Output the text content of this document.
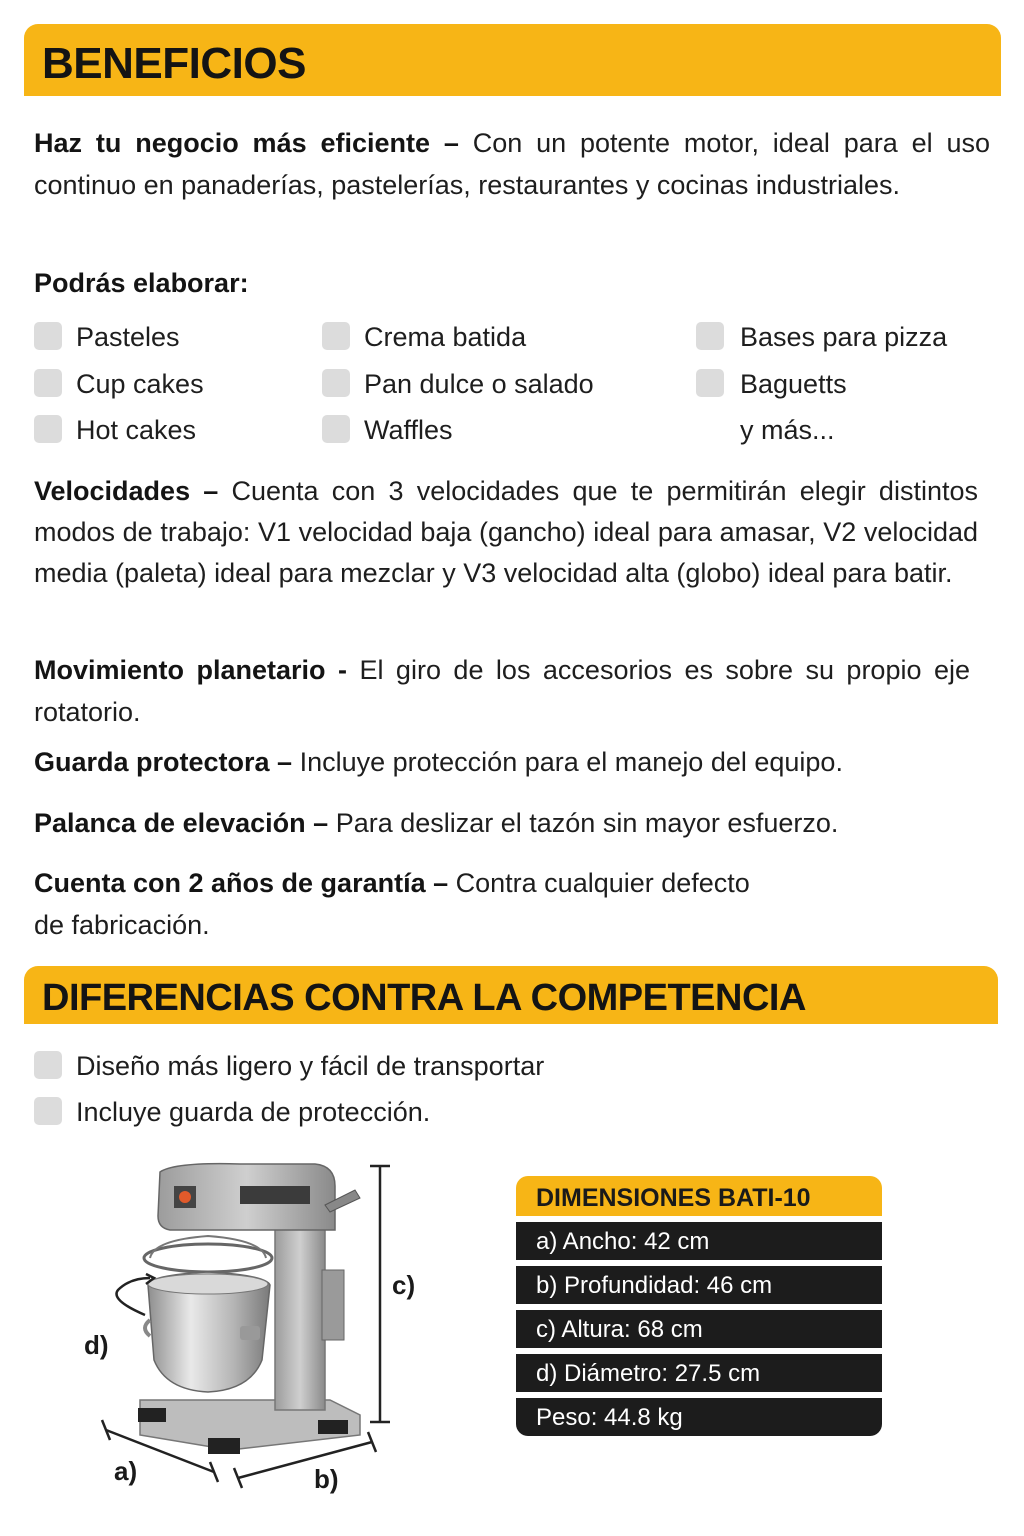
BENEFICIOS
Haz tu negocio más eficiente – Con un potente motor, ideal para el uso continuo en panaderías, pastelerías, restaurantes y cocinas industriales.
Podrás elaborar:
Pasteles
Cup cakes
Hot cakes
Crema batida
Pan dulce o salado
Waffles
Bases para pizza
Baguetts
y más...
Velocidades – Cuenta con 3 velocidades que te permitirán elegir distintos modos de trabajo: V1 velocidad baja (gancho) ideal para amasar, V2 velocidad media (paleta) ideal para mezclar y V3 velocidad alta (globo) ideal para batir.
Movimiento planetario - El giro de los accesorios es sobre su propio eje rotatorio.
Guarda protectora – Incluye protección para el manejo del equipo.
Palanca de elevación – Para deslizar el tazón sin mayor esfuerzo.
Cuenta con 2 años de garantía – Contra cualquier defecto
de fabricación.
DIFERENCIAS CONTRA LA COMPETENCIA
Diseño más ligero y fácil de transportar
Incluye guarda de protección.
d)
c)
a)	b)
DIMENSIONES BATI-10
a) Ancho: 42 cm
b) Profundidad: 46 cm
c) Altura: 68 cm
d) Diámetro: 27.5 cm
Peso: 44.8 kg
